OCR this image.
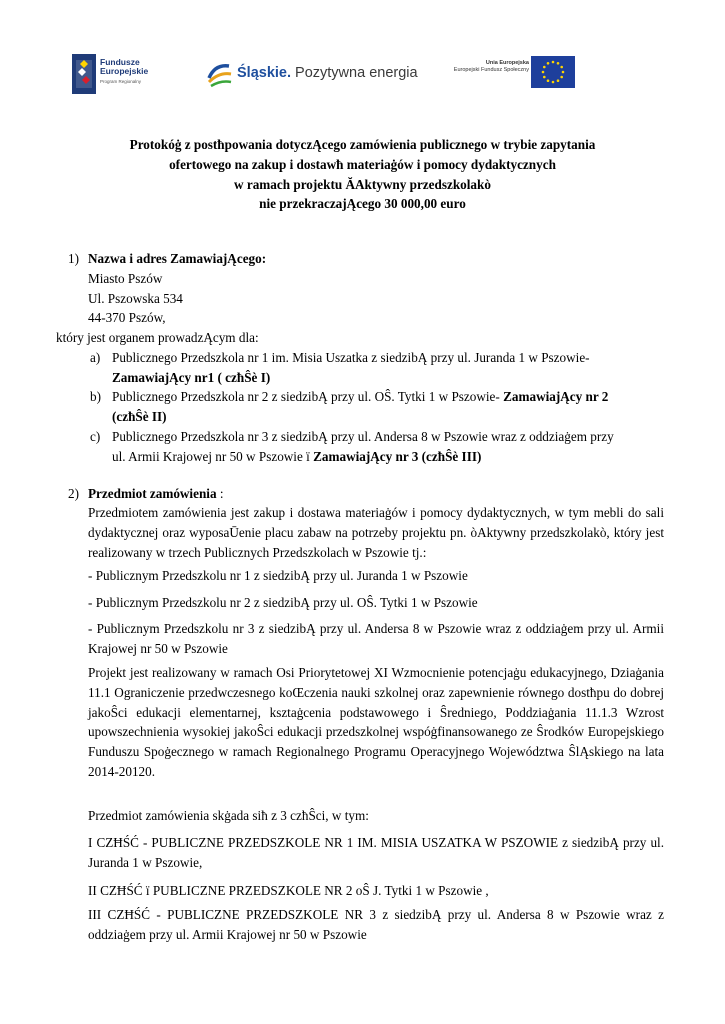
Fundusze
Europejskie
Program Regionalny
Śląskie. Pozytywna energia
Unia Europejska
Europejski Fundusz Społeczny
Protokóġ z postħpowania dotyczĄcego zamówienia publicznego w trybie zapytania
ofertowego na zakup i dostawħ materiaġów i pomocy dydaktycznych
w ramach projektu ĂAktywny przedszkolakò
nie przekraczajĄcego 30 000,00 euro
1) Nazwa i adres ZamawiajĄcego:
Miasto Pszów
Ul. Pszowska 534
44-370 Pszów,
który jest organem prowadzĄcym dla:
a) Publicznego Przedszkola nr 1 im. Misia Uszatka z siedzibĄ przy ul. Juranda 1 w Pszowie-
ZamawiajĄcy nr1 ( czħŜè I)
b) Publicznego Przedszkola nr 2 z siedzibĄ przy ul. OŜ. Tytki 1 w Pszowie- ZamawiajĄcy nr 2
(czħŜè II)
c) Publicznego Przedszkola nr 3 z siedzibĄ przy ul. Andersa 8 w Pszowie wraz z oddziaġem przy
ul. Armii Krajowej nr 50 w Pszowie ï ZamawiajĄcy nr 3 (czħŜè III)
2) Przedmiot zamówienia :
Przedmiotem zamówienia jest zakup i dostawa materiaġów i pomocy dydaktycznych, w tym mebli do sali dydaktycznej oraz wyposaŪenie placu zabaw na potrzeby projektu pn. òAktywny przedszkolakò, który jest realizowany w trzech Publicznych Przedszkolach w Pszowie tj.:
- Publicznym Przedszkolu nr 1 z siedzibĄ przy ul. Juranda 1 w Pszowie
- Publicznym Przedszkolu nr 2 z siedzibĄ przy ul. OŜ. Tytki 1 w Pszowie
- Publicznym Przedszkolu nr 3 z siedzibĄ przy ul. Andersa 8 w Pszowie wraz z oddziaġem przy ul. Armii Krajowej nr 50 w Pszowie
Projekt jest realizowany w ramach Osi Priorytetowej XI Wzmocnienie potencjaġu edukacyjnego, Dziaġania 11.1 Ograniczenie przedwczesnego koŒczenia nauki szkolnej oraz zapewnienie równego dostħpu do dobrej jakoŜci edukacji elementarnej, ksztaġcenia podstawowego i Ŝredniego, Poddziaġania 11.1.3 Wzrost upowszechnienia wysokiej jakoŜci edukacji przedszkolnej wspóġfinansowanego ze Ŝrodków Europejskiego Funduszu Spoġecznego w ramach Regionalnego Programu Operacyjnego Województwa ŜlĄskiego na lata 2014-20120.
Przedmiot zamówienia skġada siħ z 3 czħŜci, w tym:
I CZĦŚĆ - PUBLICZNE PRZEDSZKOLE NR 1 IM. MISIA USZATKA W PSZOWIE z siedzibĄ przy ul. Juranda 1 w Pszowie,
II CZĦŚĆ ï PUBLICZNE PRZEDSZKOLE NR 2 oŜ J. Tytki 1 w Pszowie ,
III CZĦŚĆ - PUBLICZNE PRZEDSZKOLE NR 3 z siedzibĄ przy ul. Andersa 8 w Pszowie wraz z oddziaġem przy ul. Armii Krajowej nr 50 w Pszowie
